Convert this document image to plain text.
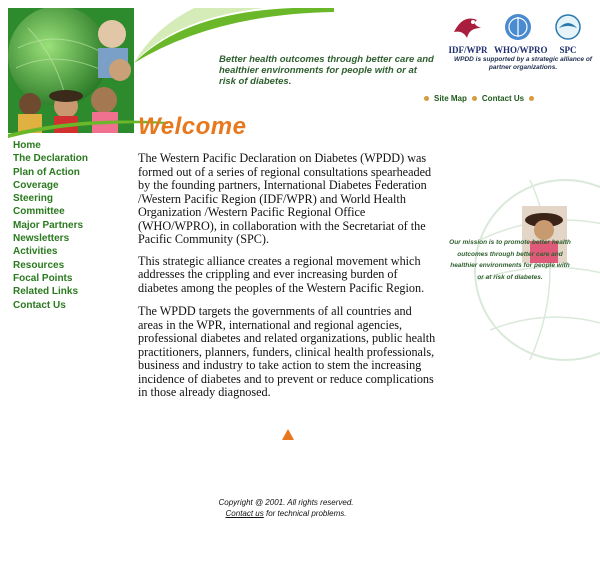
Better health outcomes through better care and healthier environments for people with or at risk of diabetes.
IDF/WPR WHO/WPRO	SPC
WPDD is supported by a strategic alliance of partner organizations.
Site Map Contact Us
Home
The Declaration
Plan of Action
Coverage
Steering
Committee
Major Partners
Newsletters
Activities
Resources
Focal Points
Related Links
Contact Us
Welcome

The Western Pacific Declaration on Diabetes (WPDD) was formed out of a series of regional consultations spearheaded by the founding partners, International Diabetes Federation /Western Pacific Region (IDF/WPR) and World Health Organization /Western Pacific Regional Office (WHO/WPRO), in collaboration with the Secretariat of the Pacific Community (SPC).

This strategic alliance creates a regional movement which addresses the crippling and ever increasing burden of diabetes among the peoples of the Western Pacific Region.

The WPDD targets the governments of all countries and areas in the WPR, international and regional agencies, professional diabetes and related organizations, public health practitioners, planners, funders, clinical health professionals, business and industry to take action to stem the increasing incidence of diabetes and to prevent or reduce complications in those already diagnosed.

Our mission is to promote better health outcomes through better care and healthier environments for people with or at risk of diabetes.
Copyright @ 2001. All rights reserved.
Contact us for technical problems.
